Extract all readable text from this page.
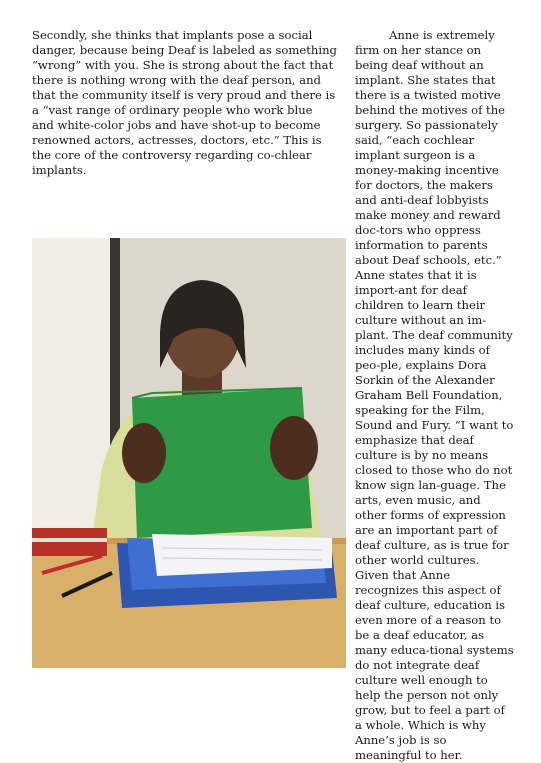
Secondly, she thinks that implants pose a social danger, because being Deaf is labeled as something “wrong” with you. She is strong about the fact that there is nothing wrong with the deaf person, and that the community itself is very proud and there is a “vast range of ordinary people who work blue and white-color jobs and have shot-up to become renowned actors, actresses, doctors, etc.” This is the core of the controversy regarding co-chlear implants.

Anne is extremely firm on her stance on being deaf without an implant. She states that there is a twisted motive behind the motives of the surgery. So passionately said, “each cochlear implant surgeon is a money-making incentive for doctors, the makers and anti-deaf lobbyists make money and reward doc-tors who oppress information to parents about Deaf schools, etc.”

Anne states that it is import-ant for deaf children to learn their culture without an im-plant. The deaf community includes many kinds of peo-ple, explains Dora Sorkin of the Alexander Graham Bell Foundation, speaking for the Film, Sound and Fury. “I want to emphasize that deaf culture is by no means closed to those who do not know sign lan-guage. The arts, even music, and other forms of expression are an important part of deaf culture, as is true for other world cultures. Given that Anne recognizes this aspect of deaf culture, education is even more of a reason to be a deaf educator, as many educa-tional systems do not integrate deaf culture well enough to help the person not only grow, but to feel a part of a whole. Which is why Anne’s job is so meaningful to her.
